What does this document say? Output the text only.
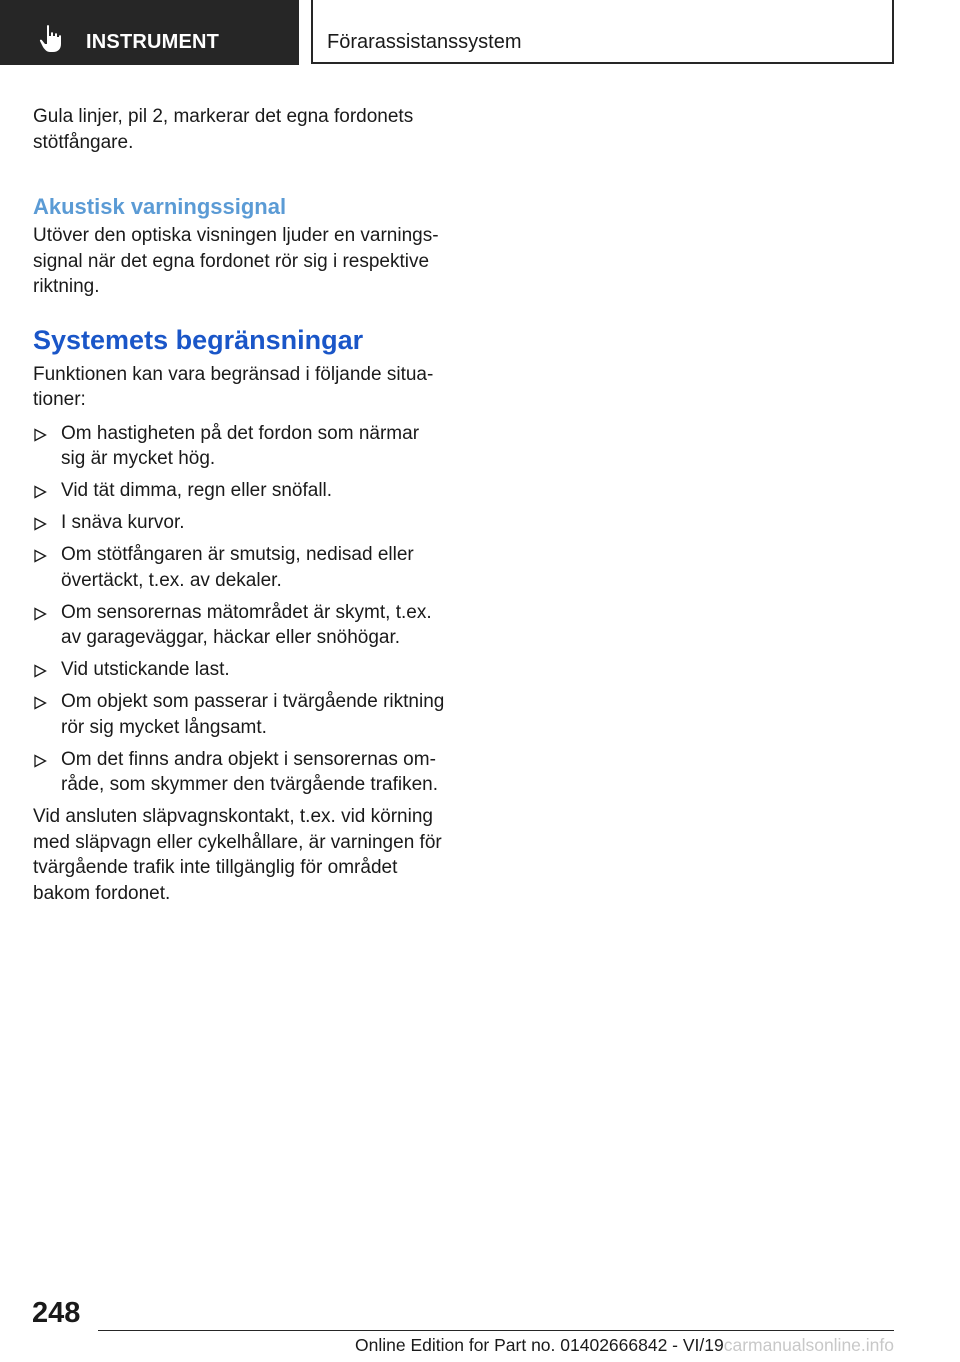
INSTRUMENT	Förarassistanssystem

Gula linjer, pil 2, markerar det egna fordonets stötfångare.

Akustisk varningssignal

Utöver den optiska visningen ljuder en varnings‐signal när det egna fordonet rör sig i respektive riktning.

Systemets begränsningar

Funktionen kan vara begränsad i följande situa‐tioner:

Om hastigheten på det fordon som närmar sig är mycket hög.
Vid tät dimma, regn eller snöfall.
I snäva kurvor.
Om stötfångaren är smutsig, nedisad eller övertäckt, t.ex. av dekaler.
Om sensorernas mätområdet är skymt, t.ex. av garageväggar, häckar eller snöhögar.
Vid utstickande last.
Om objekt som passerar i tvärgående riktning rör sig mycket långsamt.
Om det finns andra objekt i sensorernas om‐råde, som skymmer den tvärgående trafiken.

Vid ansluten släpvagnskontakt, t.ex. vid körning med släpvagn eller cykelhållare, är varningen för tvärgående trafik inte tillgänglig för området bakom fordonet.

248
Online Edition for Part no. 01402666842 - VI/19carmanualsonline.info
